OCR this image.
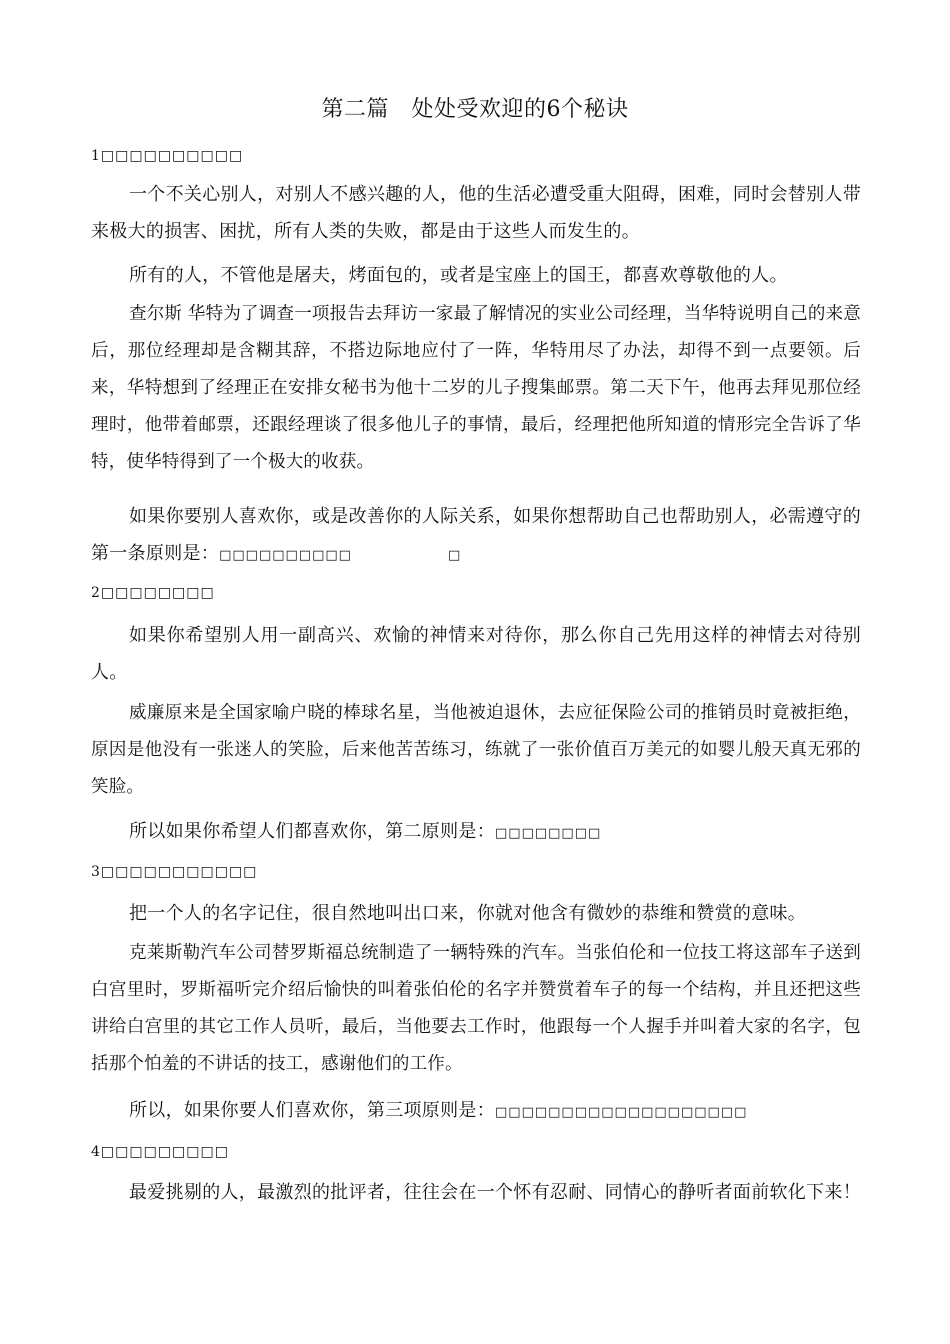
第二篇　处处受欢迎的6个秘诀
1□□□□□□□□□□
一个不关心别人，对别人不感兴趣的人，他的生活必遭受重大阻碍，困难，同时会替别人带来极大的损害、困扰，所有人类的失败，都是由于这些人而发生的。
所有的人，不管他是屠夫，烤面包的，或者是宝座上的国王，都喜欢尊敬他的人。
查尔斯 华特为了调查一项报告去拜访一家最了解情况的实业公司经理，当华特说明自己的来意后，那位经理却是含糊其辞，不搭边际地应付了一阵，华特用尽了办法，却得不到一点要领。后来，华特想到了经理正在安排女秘书为他十二岁的儿子搜集邮票。第二天下午，他再去拜见那位经理时，他带着邮票，还跟经理谈了很多他儿子的事情，最后，经理把他所知道的情形完全告诉了华特，使华特得到了一个极大的收获。
如果你要别人喜欢你，或是改善你的人际关系，如果你想帮助自己也帮助别人，必需遵守的第一条原则是：□□□□□□□□□□	□
2□□□□□□□□
如果你希望别人用一副高兴、欢愉的神情来对待你，那么你自己先用这样的神情去对待别人。
威廉原来是全国家喻户晓的棒球名星，当他被迫退休，去应征保险公司的推销员时竟被拒绝，原因是他没有一张迷人的笑脸，后来他苦苦练习，练就了一张价值百万美元的如婴儿般天真无邪的笑脸。
所以如果你希望人们都喜欢你，第二原则是：□□□□□□□□
3□□□□□□□□□□□
把一个人的名字记住，很自然地叫出口来，你就对他含有微妙的恭维和赞赏的意味。
克莱斯勒汽车公司替罗斯福总统制造了一辆特殊的汽车。当张伯伦和一位技工将这部车子送到白宫里时，罗斯福听完介绍后愉快的叫着张伯伦的名字并赞赏着车子的每一个结构，并且还把这些讲给白宫里的其它工作人员听，最后，当他要去工作时，他跟每一个人握手并叫着大家的名字，包括那个怕羞的不讲话的技工，感谢他们的工作。
所以，如果你要人们喜欢你，第三项原则是：□□□□□□□□□□□□□□□□□□□
4□□□□□□□□□
最爱挑剔的人，最激烈的批评者，往往会在一个怀有忍耐、同情心的静听者面前软化下来！
